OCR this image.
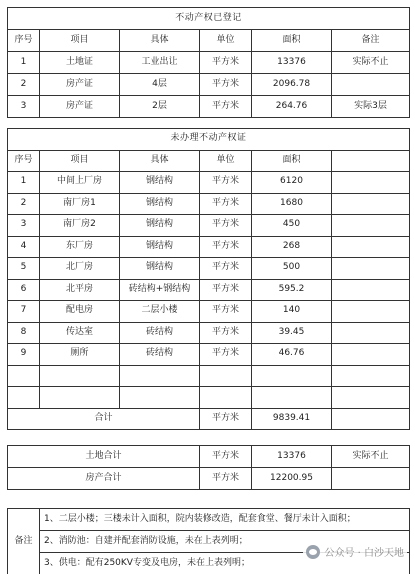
不动产权已登记					
序号	项目	具体	单位	面积	备注
1	土地证	工业出让	平方米	13376	实际不止
2	房产证	4层	平方米	2096.78	
3	房产证	2层	平方米	264.76	实际3层
未办理不动产权证					
序号	项目	具体	单位	面积	
1	中间上厂房	钢结构	平方米	6120	
2	南厂房1	钢结构	平方米	1680	
3	南厂房2	钢结构	平方米	450	
4	东厂房	钢结构	平方米	268	
5	北厂房	钢结构	平方米	500	
6	北平房	砖结构+钢结构	平方米	595.2	
7	配电房	二层小楼	平方米	140	
8	传达室	砖结构	平方米	39.45	
9	厕所	砖结构	平方米	46.76	

合计			平方米	9839.41	
土地合计	平方米	13376	实际不止
房产合计	平方米	12200.95	
备注	1、二层小楼；三楼未计入面积，院内装修改造，配套食堂、餐厅未计入面积；
2、消防池：自建并配套消防设施，未在上表列明；
3、供电：配有250KV专变及电房，未在上表列明；
公众号 · 白沙天地
